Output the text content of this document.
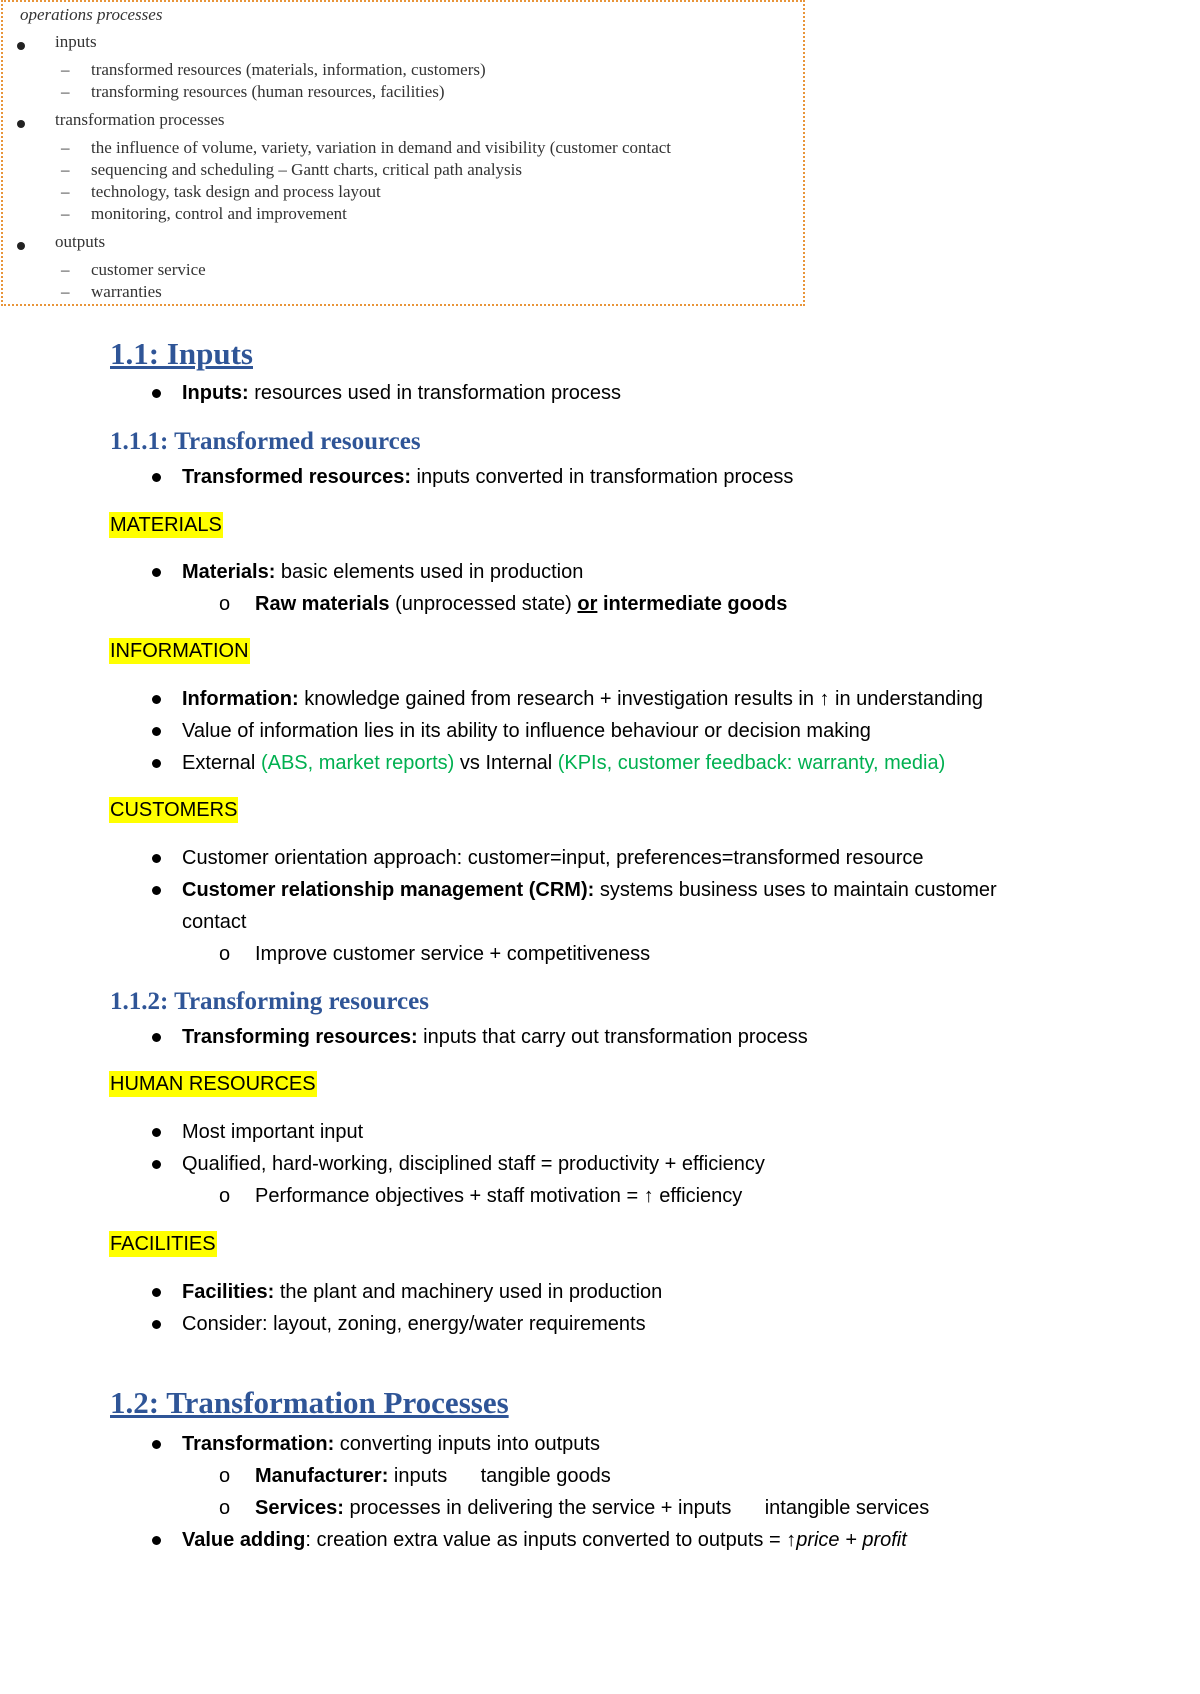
operations processes
inputs
– transformed resources (materials, information, customers)
– transforming resources (human resources, facilities)
transformation processes
– the influence of volume, variety, variation in demand and visibility (customer contact
– sequencing and scheduling – Gantt charts, critical path analysis
– technology, task design and process layout
– monitoring, control and improvement
outputs
– customer service
– warranties
1.1: Inputs
Inputs: resources used in transformation process
1.1.1: Transformed resources
Transformed resources: inputs converted in transformation process
MATERIALS
Materials: basic elements used in production
o Raw materials (unprocessed state) or intermediate goods
INFORMATION
Information: knowledge gained from research + investigation results in ↑ in understanding
Value of information lies in its ability to influence behaviour or decision making
External (ABS, market reports) vs Internal (KPIs, customer feedback: warranty, media)
CUSTOMERS
Customer orientation approach: customer=input, preferences=transformed resource
Customer relationship management (CRM): systems business uses to maintain customer
contact
o Improve customer service + competitiveness
1.1.2: Transforming resources
Transforming resources: inputs that carry out transformation process
HUMAN RESOURCES
Most important input
Qualified, hard-working, disciplined staff = productivity + efficiency
o Performance objectives + staff motivation = ↑ efficiency
FACILITIES
Facilities: the plant and machinery used in production
Consider: layout, zoning, energy/water requirements
1.2: Transformation Processes
Transformation: converting inputs into outputs
o Manufacturer: inputs      tangible goods
o Services: processes in delivering the service + inputs      intangible services
Value adding: creation extra value as inputs converted to outputs = ↑price + profit
